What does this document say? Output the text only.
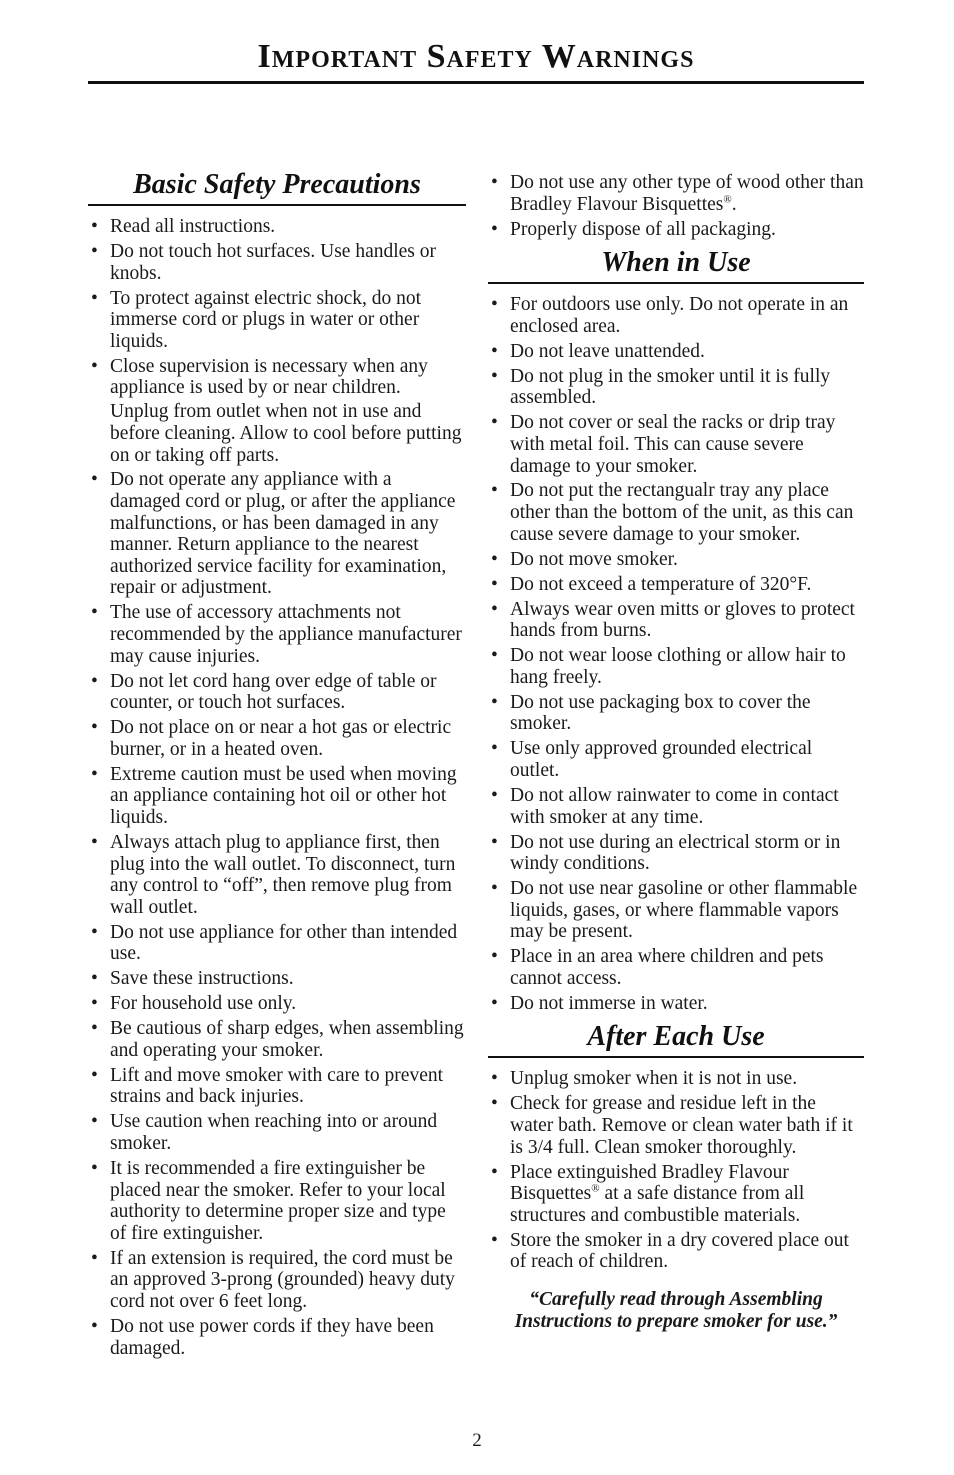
Important Safety Warnings
Basic Safety Precautions
• Read all instructions.
• Do not touch hot surfaces. Use handles or knobs.
• To protect against electric shock, do not immerse cord or plugs in water or other liquids.
• Close supervision is necessary when any appliance is used by or near children.
Unplug from outlet when not in use and before cleaning. Allow to cool before putting on or taking off parts.
• Do not operate any appliance with a damaged cord or plug, or after the appliance malfunctions, or has been damaged in any manner. Return appliance to the nearest authorized service facility for examination, repair or adjustment.
• The use of accessory attachments not recommended by the appliance manufacturer may cause injuries.
• Do not let cord hang over edge of table or counter, or touch hot surfaces.
• Do not place on or near a hot gas or electric burner, or in a heated oven.
• Extreme caution must be used when moving an appliance containing hot oil or other hot liquids.
• Always attach plug to appliance first, then plug into the wall outlet. To disconnect, turn any control to “off”, then remove plug from wall outlet.
• Do not use appliance for other than intended use.
• Save these instructions.
• For household use only.
• Be cautious of sharp edges, when assembling and operating your smoker.
• Lift and move smoker with care to prevent strains and back injuries.
• Use caution when reaching into or around smoker.
• It is recommended a fire extinguisher be placed near the smoker. Refer to your local authority to determine proper size and type of fire extinguisher.
• If an extension is required, the cord must be an approved 3-prong (grounded) heavy duty cord not over 6 feet long.
• Do not use power cords if they have been damaged.
• Do not use any other type of wood other than Bradley Flavour Bisquettes®.
• Properly dispose of all packaging.
When in Use
• For outdoors use only. Do not operate in an enclosed area.
• Do not leave unattended.
• Do not plug in the smoker until it is fully assembled.
• Do not cover or seal the racks or drip tray with metal foil. This can cause severe damage to your smoker.
• Do not put the rectangualr tray any place other than the bottom of the unit, as this can cause severe damage to your smoker.
• Do not move smoker.
• Do not exceed a temperature of 320°F.
• Always wear oven mitts or gloves to protect hands from burns.
• Do not wear loose clothing or allow hair to hang freely.
• Do not use packaging box to cover the smoker.
• Use only approved grounded electrical outlet.
• Do not allow rainwater to come in contact with smoker at any time.
• Do not use during an electrical storm or in windy conditions.
• Do not use near gasoline or other flammable liquids, gases, or where flammable vapors may be present.
• Place in an area where children and pets cannot access.
• Do not immerse in water.
After Each Use
• Unplug smoker when it is not in use.
• Check for grease and residue left in the water bath. Remove or clean water bath if it is 3/4 full. Clean smoker thoroughly.
• Place extinguished Bradley Flavour Bisquettes® at a safe distance from all structures and combustible materials.
• Store the smoker in a dry covered place out of reach of children.
“Carefully read through Assembling Instructions to prepare smoker for use.”
2
